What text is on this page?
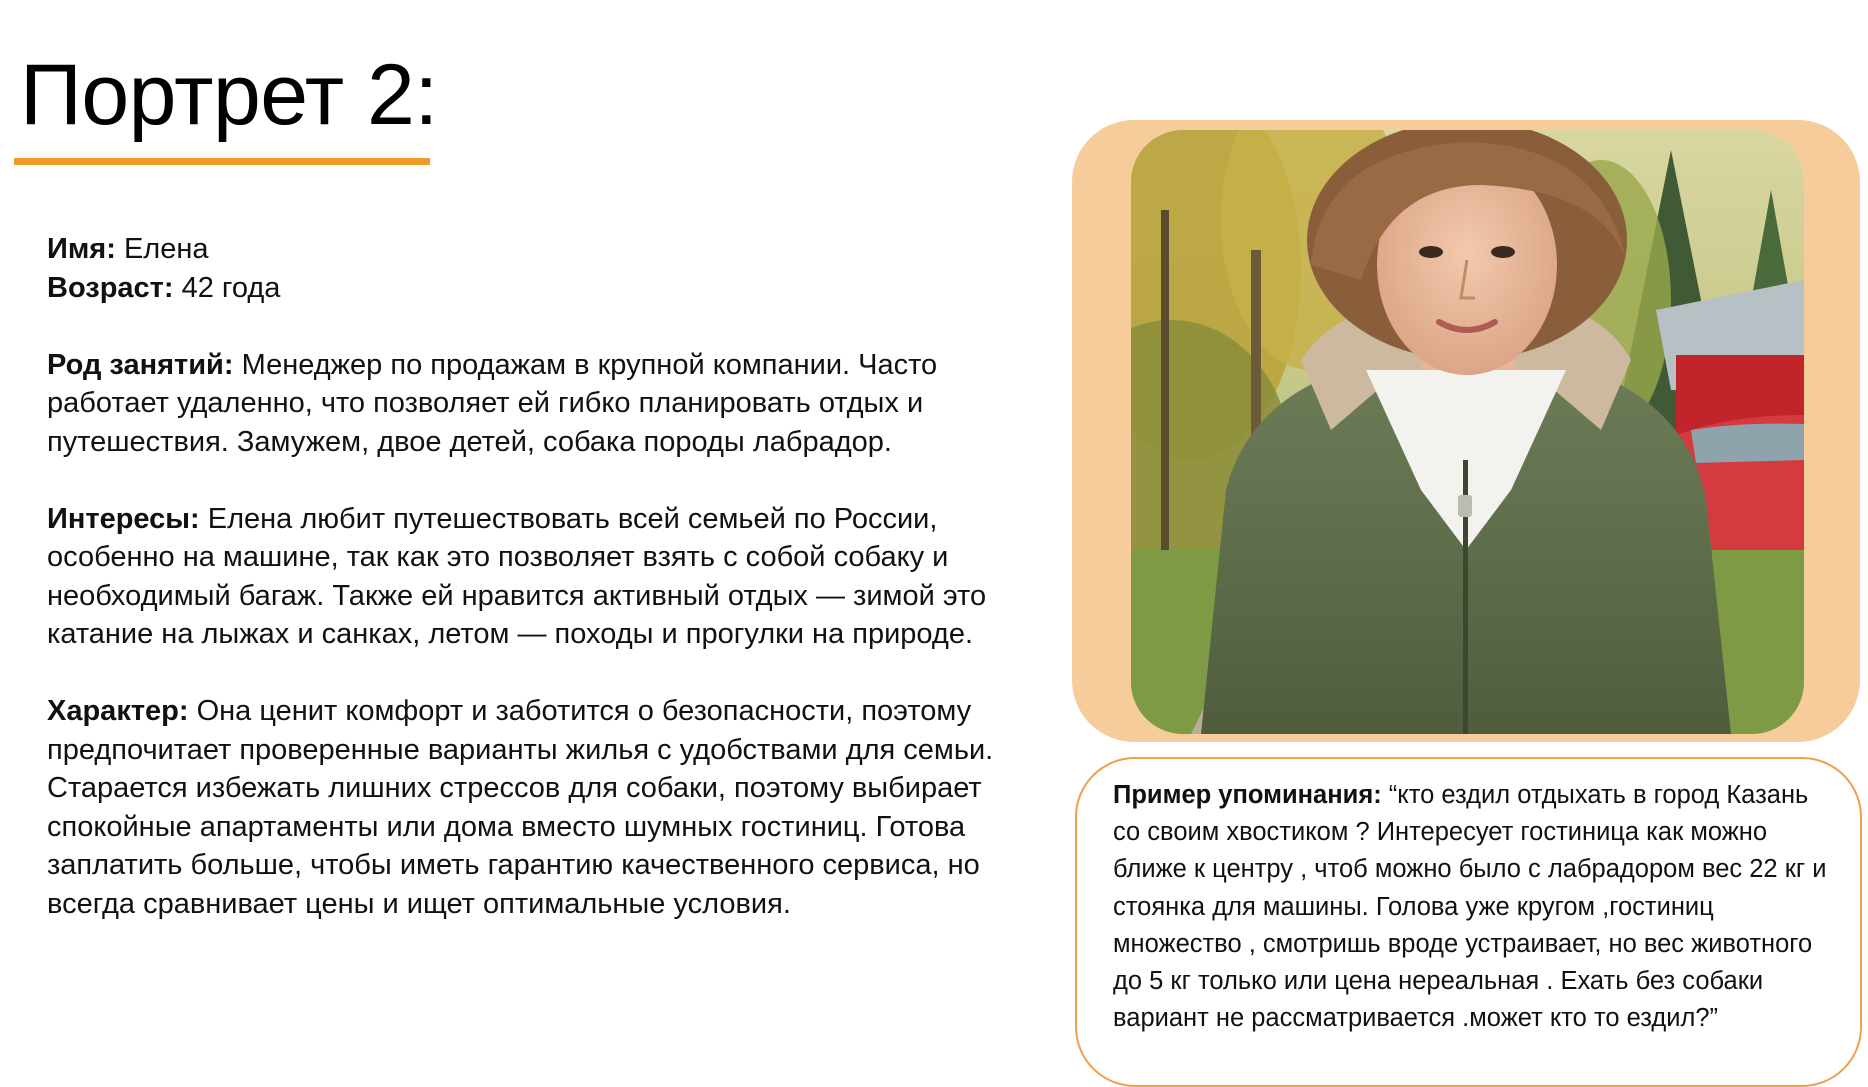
Портрет 2:

Имя: Елена
Возраст: 42 года

Род занятий: Менеджер по продажам в крупной компании. Часто работает удаленно, что позволяет ей гибко планировать отдых и путешествия. Замужем, двое детей, собака породы лабрадор.

Интересы: Елена любит путешествовать всей семьей по России, особенно на машине, так как это позволяет взять с собой собаку и необходимый багаж. Также ей нравится активный отдых — зимой это катание на лыжах и санках, летом — походы и прогулки на природе.

Характер: Она ценит комфорт и заботится о безопасности, поэтому предпочитает проверенные варианты жилья с удобствами для семьи. Старается избежать лишних стрессов для собаки, поэтому выбирает спокойные апартаменты или дома вместо шумных гостиниц. Готова заплатить больше, чтобы иметь гарантию качественного сервиса, но всегда сравнивает цены и ищет оптимальные условия.

Пример упоминания: “кто ездил отдыхать в город Казань со своим хвостиком ? Интересует гостиница как можно ближе к центру , чтоб можно было с лабрадором вес 22 кг и стоянка для машины. Голова уже кругом ,гостиниц множество , смотришь вроде устраивает, но вес животного до 5 кг только или цена нереальная . Ехать без собаки вариант не рассматривается .может кто то ездил?”
